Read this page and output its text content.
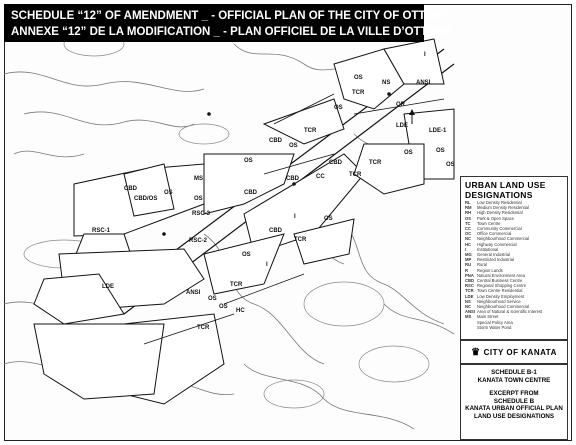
OS
NS
I
TCR
OS	OR
ANSI
LDE
LDE-1
OS
OS
OS
TCR
CBD
TCR
CC
CBD
TCR
OS
CBD
OS
CBD
MS
CBD
CBD/OS
OS
OS
RSC-3
RSC-1
RSC-2
LDE
ANSI
I	OS
CBD
TCR
OS
I
TCR
OS
OS
HC
TCR
SCHEDULE “12” OF AMENDMENT _ - OFFICIAL PLAN OF THE CITY OF OTTAWA
ANNEXE “12” DE LA MODIFICATION _ - PLAN OFFICIEL DE LA VILLE D’OTTAWA
URBAN LAND USE
DESIGNATIONS
RL	Low Density Residential
RM	Medium Density Residential
RH	High Density Residential
OS	Park & Open Space
TC	Town Centre
CC	Community Commercial
OC	Office Commercial
NC	Neighbourhood Commercial
HC	Highway Commercial
I	Institutional
MG	General Industrial
MP	Restricted Industrial
RU	Rural
R	Region Lands
PNA Natural Environment Area
CBD Central Business Centre
RSC Regional Shopping Centre
TCR Town Centre Residential
LDE Low Density Employment
NS	Neighbourhood Service
NC	Neighbourhood Commercial
ANSI Area of Natural & Scientific Interest
MS	Main Street
Special Policy Area
Storm Water Pond
♛ CITY OF KANATA
SCHEDULE B-1
KANATA TOWN CENTRE
EXCERPT FROM
SCHEDULE B
KANATA URBAN OFFICIAL PLAN
LAND USE DESIGNATIONS
